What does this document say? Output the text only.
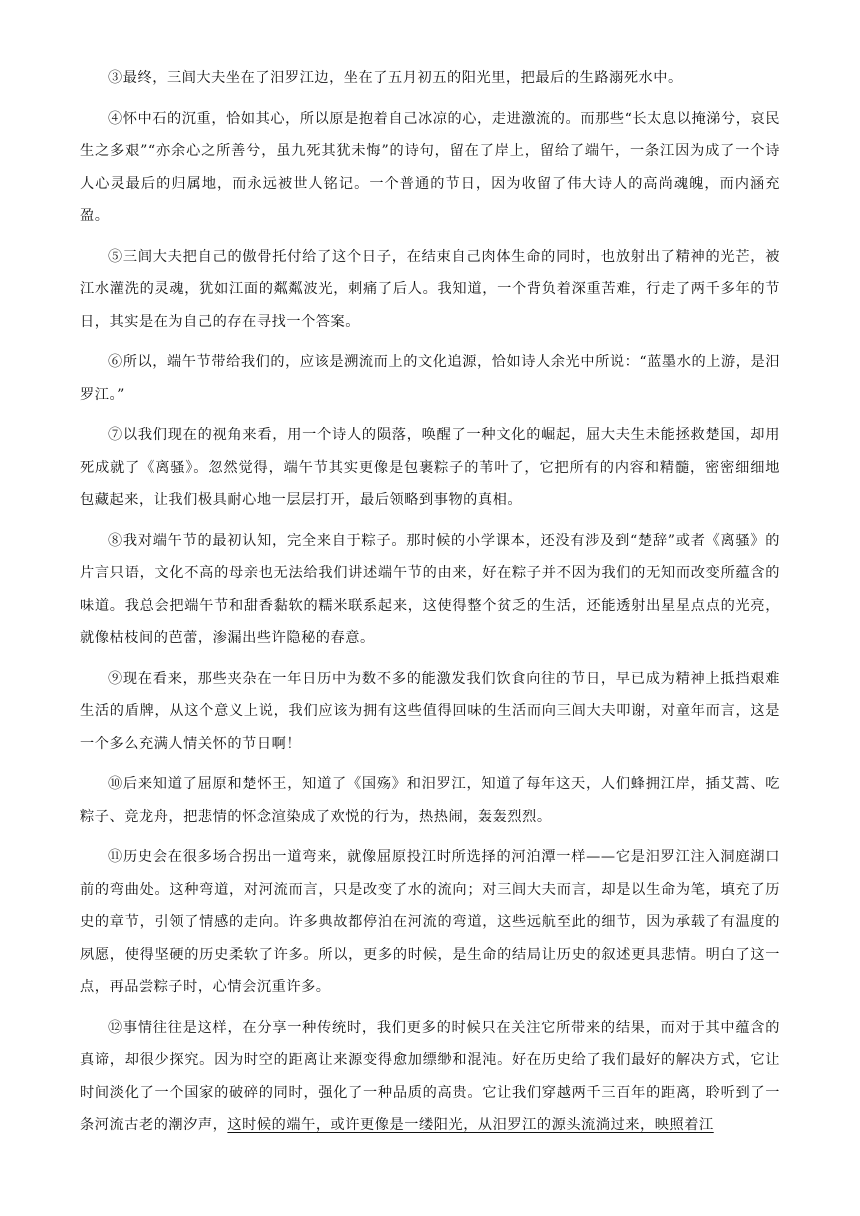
③最终，三闾大夫坐在了汨罗江边，坐在了五月初五的阳光里，把最后的生路溺死水中。

④怀中石的沉重，恰如其心，所以原是抱着自己冰凉的心，走进激流的。而那些“长太息以掩涕兮，哀民生之多艰”“亦余心之所善兮，虽九死其犹未悔”的诗句，留在了岸上，留给了端午，一条江因为成了一个诗人心灵最后的归属地，而永远被世人铭记。一个普通的节日，因为收留了伟大诗人的高尚魂魄，而内涵充盈。

⑤三闾大夫把自己的傲骨托付给了这个日子，在结束自己肉体生命的同时，也放射出了精神的光芒，被江水灌洗的灵魂，犹如江面的粼粼波光，刺痛了后人。我知道，一个背负着深重苦难，行走了两千多年的节日，其实是在为自己的存在寻找一个答案。

⑥所以，端午节带给我们的，应该是溯流而上的文化追源，恰如诗人余光中所说：“蓝墨水的上游，是汨罗江。”

⑦以我们现在的视角来看，用一个诗人的陨落，唤醒了一种文化的崛起，屈大夫生未能拯救楚国，却用死成就了《离骚》。忽然觉得，端午节其实更像是包裹粽子的苇叶了，它把所有的内容和精髓，密密细细地包藏起来，让我们极具耐心地一层层打开，最后领略到事物的真相。

⑧我对端午节的最初认知，完全来自于粽子。那时候的小学课本，还没有涉及到“楚辞”或者《离骚》的片言只语，文化不高的母亲也无法给我们讲述端午节的由来，好在粽子并不因为我们的无知而改变所蕴含的味道。我总会把端午节和甜香黏软的糯米联系起来，这使得整个贫乏的生活，还能透射出星星点点的光亮，就像枯枝间的芭蕾，渗漏出些许隐秘的春意。

⑨现在看来，那些夹杂在一年日历中为数不多的能激发我们饮食向往的节日，早已成为精神上抵挡艰难生活的盾牌，从这个意义上说，我们应该为拥有这些值得回味的生活而向三闾大夫叩谢，对童年而言，这是一个多么充满人情关怀的节日啊！

⑩后来知道了屈原和楚怀王，知道了《国殇》和汨罗江，知道了每年这天，人们蜂拥江岸，插艾蒿、吃粽子、竞龙舟，把悲情的怀念渲染成了欢悦的行为，热热闹，轰轰烈烈。

⑪历史会在很多场合拐出一道弯来，就像屈原投江时所选择的河泊潭一样——它是汨罗江注入洞庭湖口前的弯曲处。这种弯道，对河流而言，只是改变了水的流向；对三闾大夫而言，却是以生命为笔，填充了历史的章节，引领了情感的走向。许多典故都停泊在河流的弯道，这些远航至此的细节，因为承载了有温度的夙愿，使得坚硬的历史柔软了许多。所以，更多的时候，是生命的结局让历史的叙述更具悲情。明白了这一点，再品尝粽子时，心情会沉重许多。

⑫事情往往是这样，在分享一种传统时，我们更多的时候只在关注它所带来的结果，而对于其中蕴含的真谛，却很少探究。因为时空的距离让来源变得愈加缥缈和混沌。好在历史给了我们最好的解决方式，它让时间淡化了一个国家的破碎的同时，强化了一种品质的高贵。它让我们穿越两千三百年的距离，聆听到了一条河流古老的潮汐声，这时候的端午，或许更像是一缕阳光，从汨罗江的源头流淌过来，映照着江
